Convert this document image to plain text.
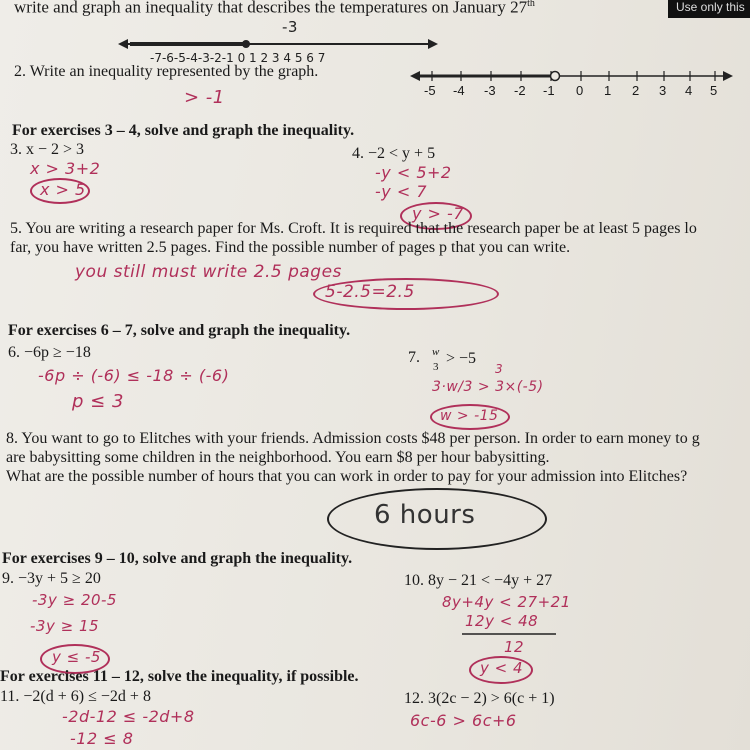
write and graph an inequality that describes the temperatures on January 27th	Use only this
-3
-7-6-5-4-3-2-1 0 1 2 3 4 5 6 7
2. Write an inequality represented by the graph.
> -1	-5 -4 -3 -2 -1 0 1 2 3 4 5
For exercises 3 – 4, solve and graph the inequality.
3. x − 2 > 3
x > 3+2
x > 5
4. −2 < y + 5
-y < 5+2
-y < 7
y > -7
5. You are writing a research paper for Ms. Croft. It is required that the research paper be at least 5 pages lo
far, you have written 2.5 pages. Find the possible number of pages p that you can write.
you still must write 2.5 pages
5-2.5=2.5
For exercises 6 – 7, solve and graph the inequality.
6. −6p ≥ −18
-6p ÷ (-6) ≤ -18 ÷ (-6)
p ≤ 3
7. w
3 > −5
3
3·w/3 > 3×(-5)
w > -15
8. You want to go to Elitches with your friends. Admission costs $48 per person. In order to earn money to g
are babysitting some children in the neighborhood. You earn $8 per hour babysitting.
What are the possible number of hours that you can work in order to pay for your admission into Elitches?
6 hours
For exercises 9 – 10, solve and graph the inequality.
9. −3y + 5 ≥ 20
-3y ≥ 20-5
-3y ≥ 15
y ≤ -5
10. 8y − 21 < −4y + 27
8y+4y < 27+21
12y < 48
12
y < 4
For exercises 11 – 12, solve the inequality, if possible.
11. −2(d + 6) ≤ −2d + 8
-2d-12 ≤ -2d+8
-12 ≤ 8
12. 3(2c − 2) > 6(c + 1)
6c-6 > 6c+6
